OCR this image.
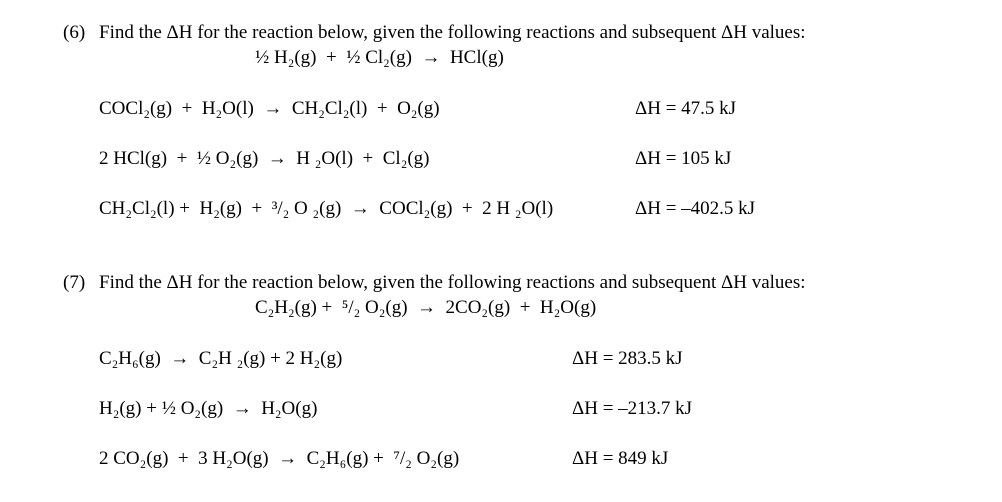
(6) Find the ΔH for the reaction below, given the following reactions and subsequent ΔH values:
½ H₂(g)  +  ½ Cl₂(g)  →  HCl(g)
COCl₂(g)  +  H₂O(l)  →  CH₂Cl₂(l)  +  O₂(g)	ΔH = 47.5 kJ
2 HCl(g)  +  ½ O₂(g)  →  H ₂O(l)  +  Cl₂(g)	ΔH = 105 kJ
CH₂Cl₂(l) +  H₂(g)  +  ³/₂ O ₂(g)  →  COCl₂(g)  +  2 H ₂O(l)	ΔH = –402.5 kJ
(7) Find the ΔH for the reaction below, given the following reactions and subsequent ΔH values:
C₂H₂(g) +  ⁵/₂ O₂(g)  →  2CO₂(g)  +  H₂O(g)
C₂H₆(g)  →  C₂H ₂(g) + 2 H₂(g)	ΔH = 283.5 kJ
H₂(g) + ½ O₂(g)  →  H₂O(g)	ΔH = –213.7 kJ
2 CO₂(g)  +  3 H₂O(g)  →  C₂H₆(g) +  ⁷/₂ O₂(g)	ΔH = 849 kJ
